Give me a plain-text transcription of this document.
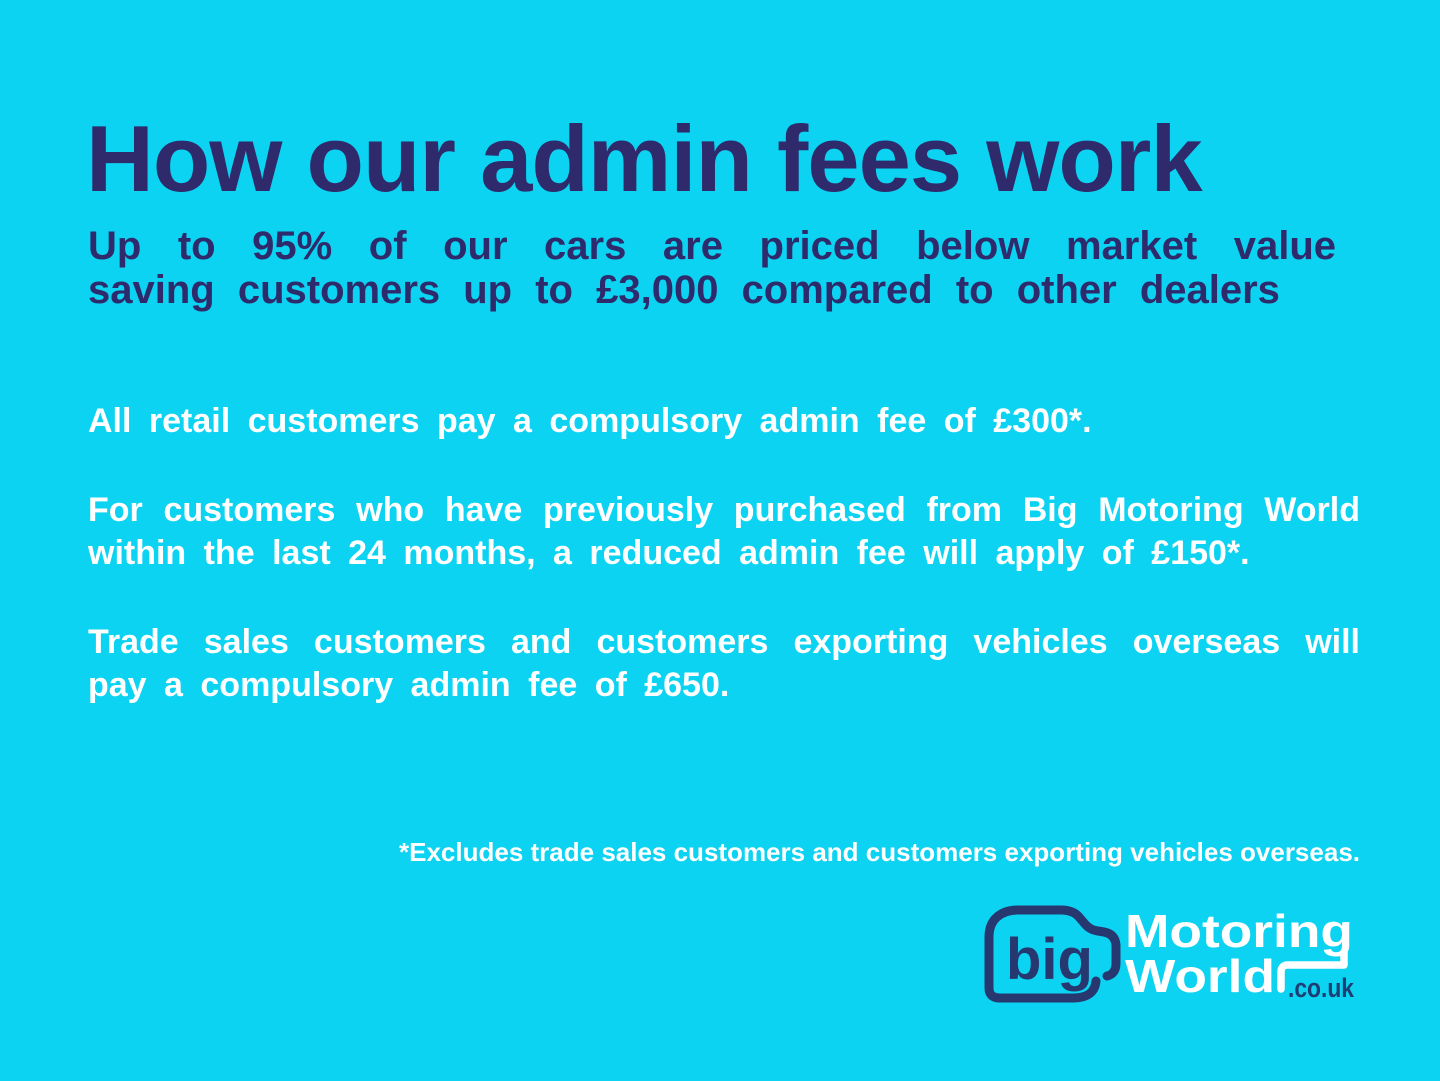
How our admin fees work

Up to 95% of our cars are priced below market value saving customers up to £3,000 compared to other dealers

All retail customers pay a compulsory admin fee of £300*.

For customers who have previously purchased from Big Motoring World within the last 24 months, a reduced admin fee will apply of £150*.

Trade sales customers and customers exporting vehicles overseas will pay a compulsory admin fee of £650.

*Excludes trade sales customers and customers exporting vehicles overseas.

big Motoring
World .co.uk
